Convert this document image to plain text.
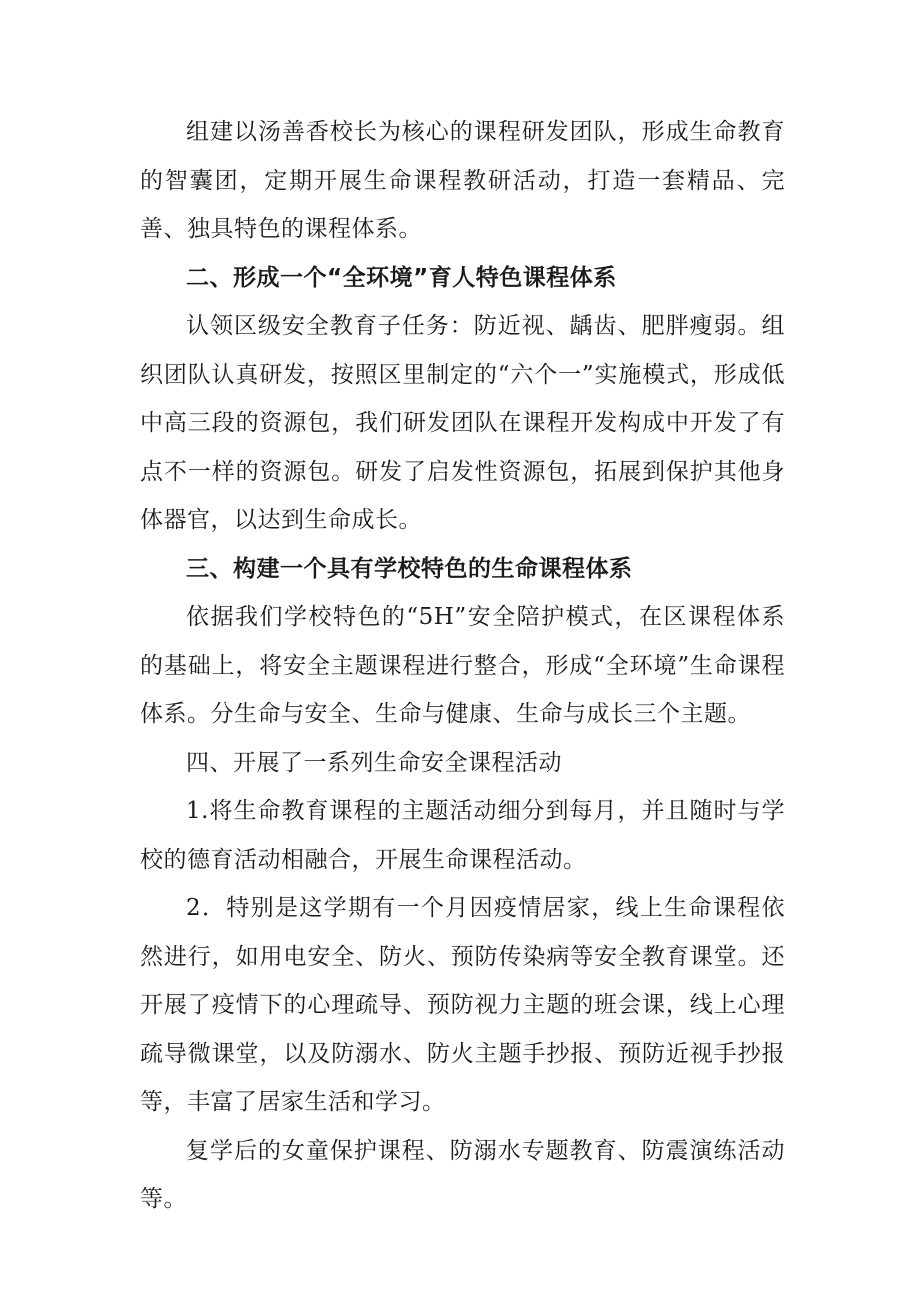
组建以汤善香校长为核心的课程研发团队，形成生命教育的智囊团，定期开展生命课程教研活动，打造一套精品、完善、独具特色的课程体系。

二、形成一个“全环境”育人特色课程体系

认领区级安全教育子任务：防近视、龋齿、肥胖瘦弱。组织团队认真研发，按照区里制定的“六个一”实施模式，形成低中高三段的资源包，我们研发团队在课程开发构成中开发了有点不一样的资源包。研发了启发性资源包，拓展到保护其他身体器官，以达到生命成长。

三、构建一个具有学校特色的生命课程体系

依据我们学校特色的“5H”安全陪护模式，在区课程体系的基础上，将安全主题课程进行整合，形成“全环境”生命课程体系。分生命与安全、生命与健康、生命与成长三个主题。

四、开展了一系列生命安全课程活动

1.将生命教育课程的主题活动细分到每月，并且随时与学校的德育活动相融合，开展生命课程活动。

2．特别是这学期有一个月因疫情居家，线上生命课程依然进行，如用电安全、防火、预防传染病等安全教育课堂。还开展了疫情下的心理疏导、预防视力主题的班会课，线上心理疏导微课堂，以及防溺水、防火主题手抄报、预防近视手抄报等，丰富了居家生活和学习。

复学后的女童保护课程、防溺水专题教育、防震演练活动等。
